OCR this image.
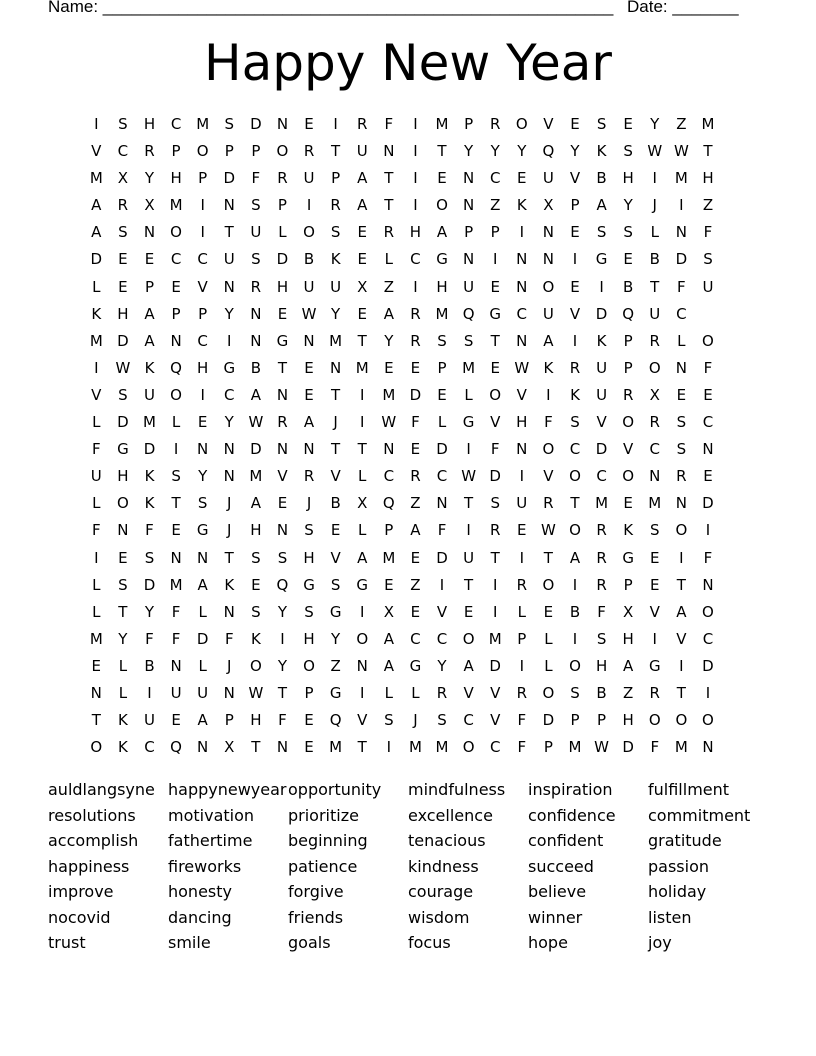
Name: ______________________________________________________ Date: _______
Happy New Year
I	S	H	C M	S	D	N	E	I	R	F	I	M	P	R	O	V	E	S	E	Y	Z M
V	C	R	P	O	P	P	O	R	T	U	N	I	T	Y	Y	Y	Q	Y	K	S W W T
M X	Y	H	P	D	F	R	U	P	A	T	I	E	N	C	E	U	V	B	H	I	M H
A	R	X M	I	N	S	P	I	R	A	T	I	O	N	Z	K	X	P	A	Y	J	I	Z
A	S	N	O	I	T	U	L	O	S	E	R	H	A	P	P	I	N	E	S	S	L	N	F
D	E	E	C	C	U	S	D	B	K	E	L	C	G	N	I	N	N	I	G	E	B	D	S
L	E	P	E	V	N	R	H	U	U	X	Z	I	H	U	E	N	O	E	I	B	T	F	U
K	H	A	P	P	Y	N	E W Y	E	A	R M Q G	C	U	V	D Q	U	C
M D	A	N	C	I	N	G	N M	T	Y	R	S	S	T	N	A	I	K	P	R	L	O
I	W K	Q	H	G	B	T	E	N M	E	E	P	M	E W K	R	U	P	O	N	F
V	S	U	O	I	C	A	N	E	T	I	M D	E	L	O	V	I	K	U	R	X	E	E
L	D M	L	E	Y W R	A	J	I	W F	L	G	V	H	F	S	V	O	R	S	C
F	G	D	I	N	N	D	N	N	T	T	N	E	D	I	F	N	O	C	D	V	C	S	N
U	H	K	S	Y	N M V	R	V	L	C	R	C W D	I	V	O	C	O	N	R	E
L	O	K	T	S	J	A	E	J	B	X	Q	Z	N	T	S	U	R	T	M	E	M N	D
F	N	F	E	G	J	H	N	S	E	L	P	A	F	I	R	E W O	R	K	S	O	I
I	E	S	N	N	T	S	S	H	V	A M	E	D	U	T	I	T	A	R	G	E	I	F
L	S	D M A	K	E	Q G	S	G	E	Z	I	T	I	R	O	I	R	P	E	T	N
L	T	Y	F	L	N	S	Y	S	G	I	X	E	V	E	I	L	E	B	F	X	V	A	O
M	Y	F	F	D	F	K	I	H	Y	O	A	C	C	O M	P	L	I	S	H	I	V	C
E	L	B	N	L	J	O	Y	O	Z	N	A	G	Y	A	D	I	L	O	H	A	G	I	D
N	L	I	U	U	N W T	P	G	I	L	L	R	V	V	R	O	S	B	Z	R	T	I
T	K	U	E	A	P	H	F	E	Q	V	S	J	S	C	V	F	D	P	P	H	O O O
O	K	C	Q	N	X	T	N	E	M	T	I	M M O	C	F	P	M W D	F	M N
auldlangsyne happynewyear opportunity	mindfulness	inspiration	fulfillment
resolutions	motivation	prioritize	excellence	confidence	commitment
accomplish	fathertime	beginning	tenacious	confident	gratitude
happiness	fireworks	patience	kindness	succeed	passion
improve	honesty	forgive	courage	believe	holiday
nocovid	dancing	friends	wisdom	winner	listen
trust	smile	goals	focus	hope	joy
